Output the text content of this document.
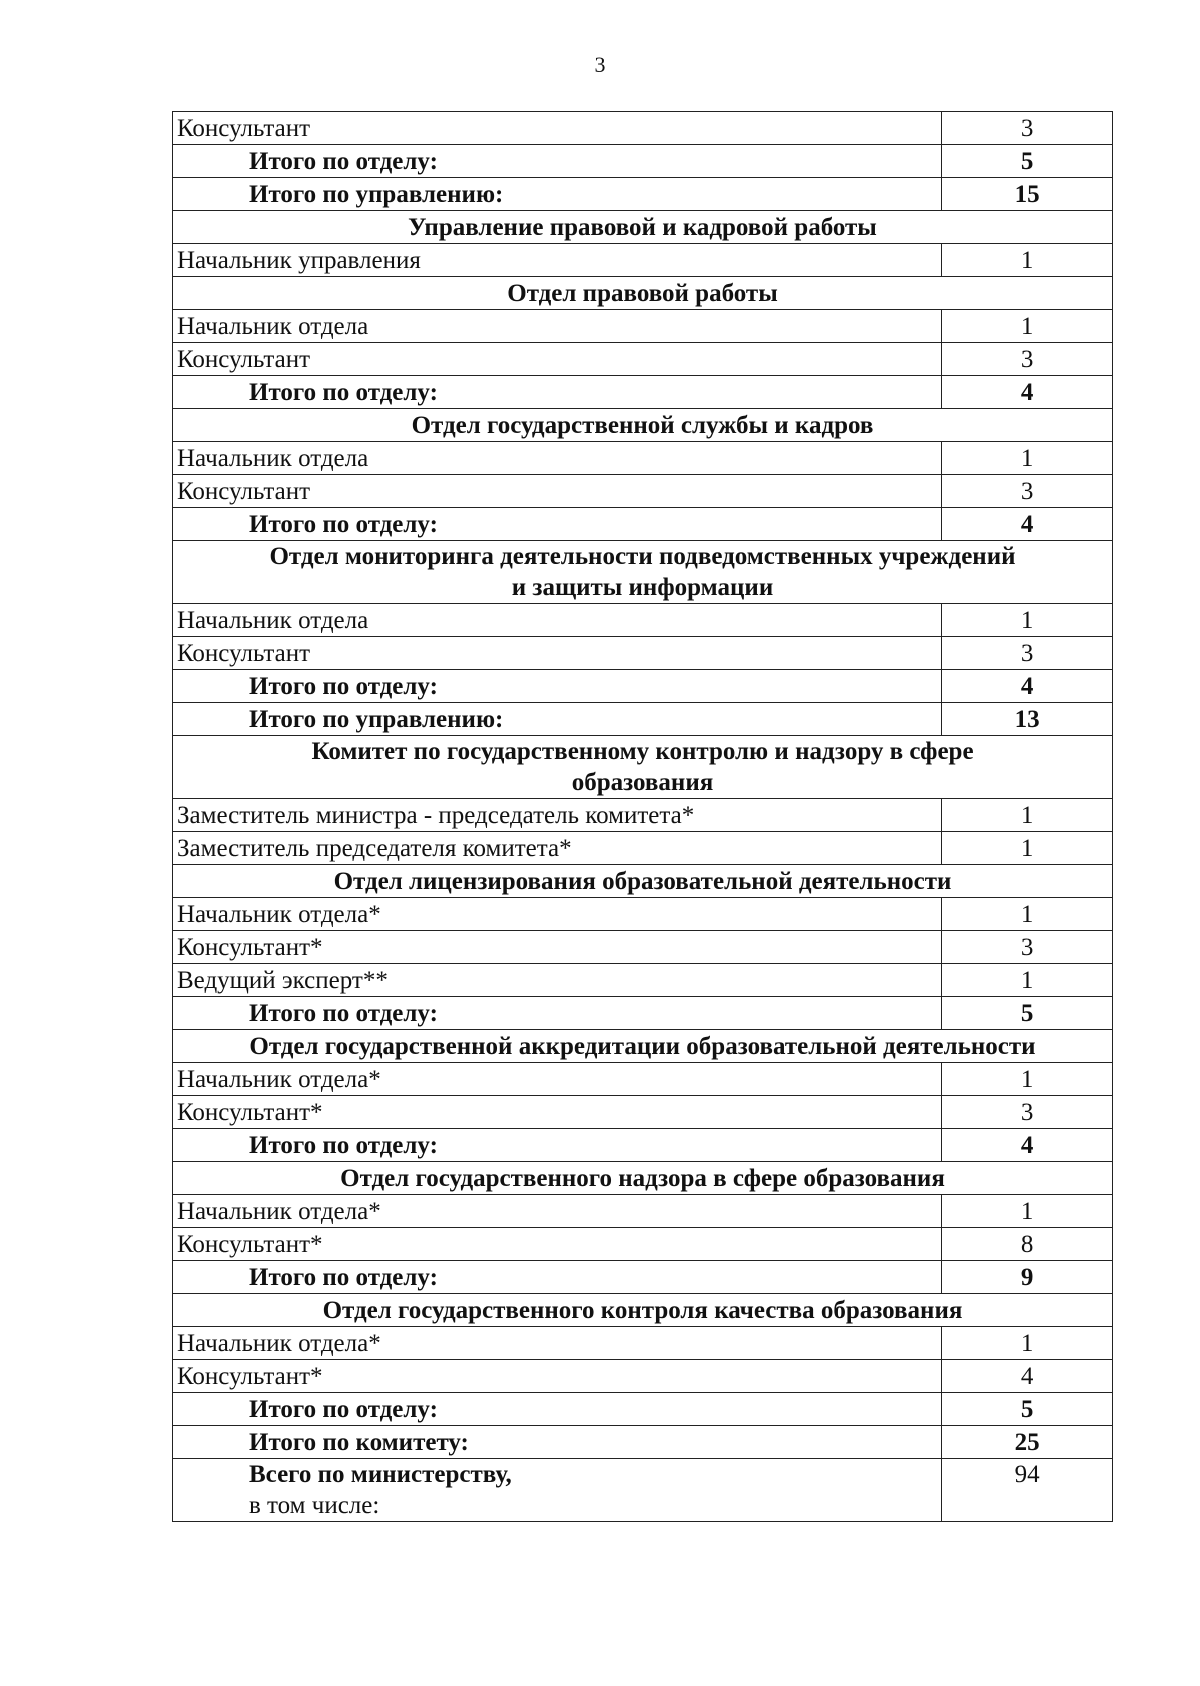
3
Консультант	3
Итого по отделу:	5
Итого по управлению:	15
Управление правовой и кадровой работы	
Начальник управления	1
Отдел правовой работы	
Начальник отдела	1
Консультант	3
Итого по отделу:	4
Отдел государственной службы и кадров	
Начальник отдела	1
Консультант	3
Итого по отделу:	4
Отдел мониторинга деятельности подведомственных учреждений
и защиты информации	
Начальник отдела	1
Консультант	3
Итого по отделу:	4
Итого по управлению:	13
Комитет по государственному контролю и надзору в сфере
образования	
Заместитель министра - председатель комитета*	1
Заместитель председателя комитета*	1
Отдел лицензирования образовательной деятельности	
Начальник отдела*	1
Консультант*	3
Ведущий эксперт**	1
Итого по отделу:	5
Отдел государственной аккредитации образовательной деятельности	
Начальник отдела*	1
Консультант*	3
Итого по отделу:	4
Отдел государственного надзора в сфере образования	
Начальник отдела*	1
Консультант*	8
Итого по отделу:	9
Отдел государственного контроля качества образования	
Начальник отдела*	1
Консультант*	4
Итого по отделу:	5
Итого по комитету:	25

Всего по министерству,
в том числе:	94
